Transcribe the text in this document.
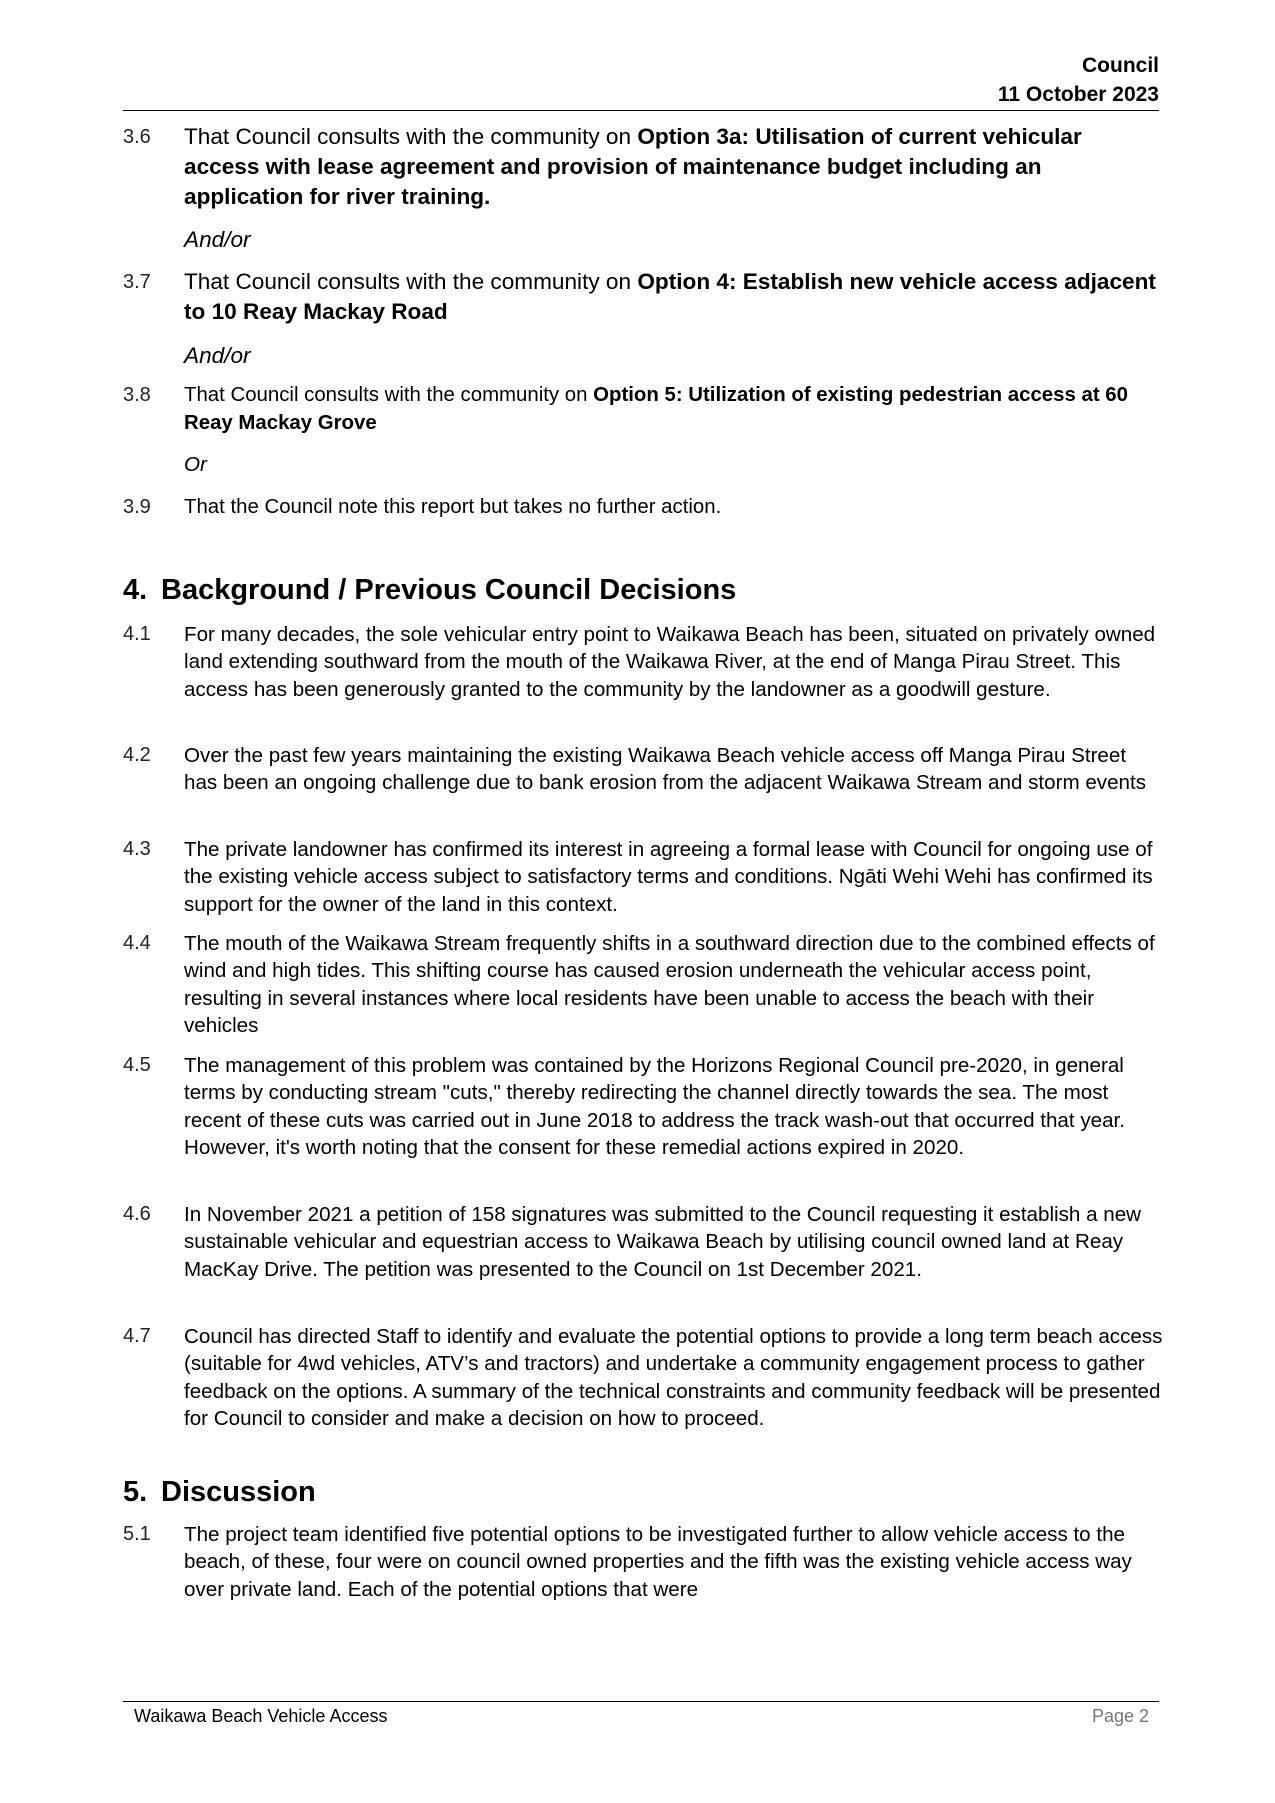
Council
11 October 2023
3.6	That Council consults with the community on Option 3a: Utilisation of current vehicular access with lease agreement and provision of maintenance budget including an application for river training.
And/or
3.7	That Council consults with the community on Option 4: Establish new vehicle access adjacent to 10 Reay Mackay Road
And/or
3.8	That Council consults with the community on Option 5: Utilization of existing pedestrian access at 60 Reay Mackay Grove
Or
3.9	That the Council note this report but takes no further action.
4. Background / Previous Council Decisions
4.1	For many decades, the sole vehicular entry point to Waikawa Beach has been, situated on privately owned land extending southward from the mouth of the Waikawa River, at the end of Manga Pirau Street. This access has been generously granted to the community by the landowner as a goodwill gesture.
4.2	Over the past few years maintaining the existing Waikawa Beach vehicle access off Manga Pirau Street has been an ongoing challenge due to bank erosion from the adjacent Waikawa Stream and storm events
4.3	The private landowner has confirmed its interest in agreeing a formal lease with Council for ongoing use of the existing vehicle access subject to satisfactory terms and conditions. Ngāti Wehi Wehi has confirmed its support for the owner of the land in this context.
4.4	The mouth of the Waikawa Stream frequently shifts in a southward direction due to the combined effects of wind and high tides. This shifting course has caused erosion underneath the vehicular access point, resulting in several instances where local residents have been unable to access the beach with their vehicles
4.5	The management of this problem was contained by the Horizons Regional Council pre-2020, in general terms by conducting stream "cuts," thereby redirecting the channel directly towards the sea. The most recent of these cuts was carried out in June 2018 to address the track wash-out that occurred that year. However, it's worth noting that the consent for these remedial actions expired in 2020.
4.6	In November 2021 a petition of 158 signatures was submitted to the Council requesting it establish a new sustainable vehicular and equestrian access to Waikawa Beach by utilising council owned land at Reay MacKay Drive. The petition was presented to the Council on 1st December 2021.
4.7	Council has directed Staff to identify and evaluate the potential options to provide a long term beach access (suitable for 4wd vehicles, ATV’s and tractors) and undertake a community engagement process to gather feedback on the options. A summary of the technical constraints and community feedback will be presented for Council to consider and make a decision on how to proceed.
5. Discussion
5.1	The project team identified five potential options to be investigated further to allow vehicle access to the beach, of these, four were on council owned properties and the fifth was the existing vehicle access way over private land. Each of the potential options that were
Waikawa Beach Vehicle Access	Page 2
